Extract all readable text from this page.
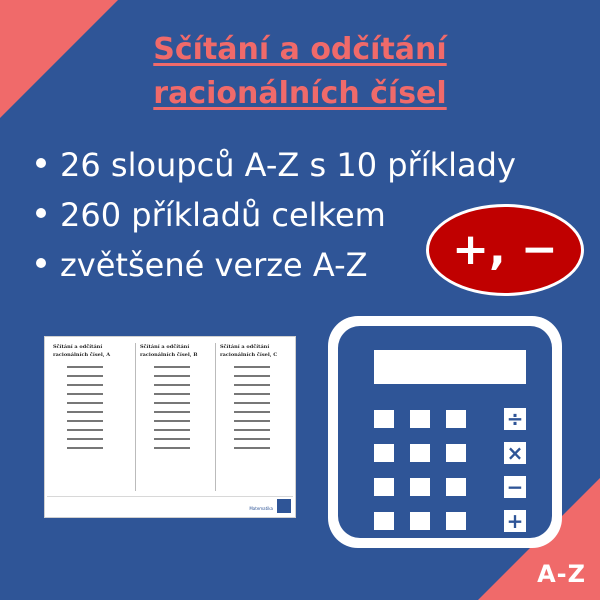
A-Z
Sčítání a odčítání
racionálních čísel
26 sloupců A-Z s 10 příklady
260 příkladů celkem
zvětšené verze A-Z	+, −
Sčítání a odčítání racionálních čísel, A
Sčítání a odčítání racionálních čísel, B
Sčítání a odčítání racionálních čísel, C
Matematika
÷
×
−
+
